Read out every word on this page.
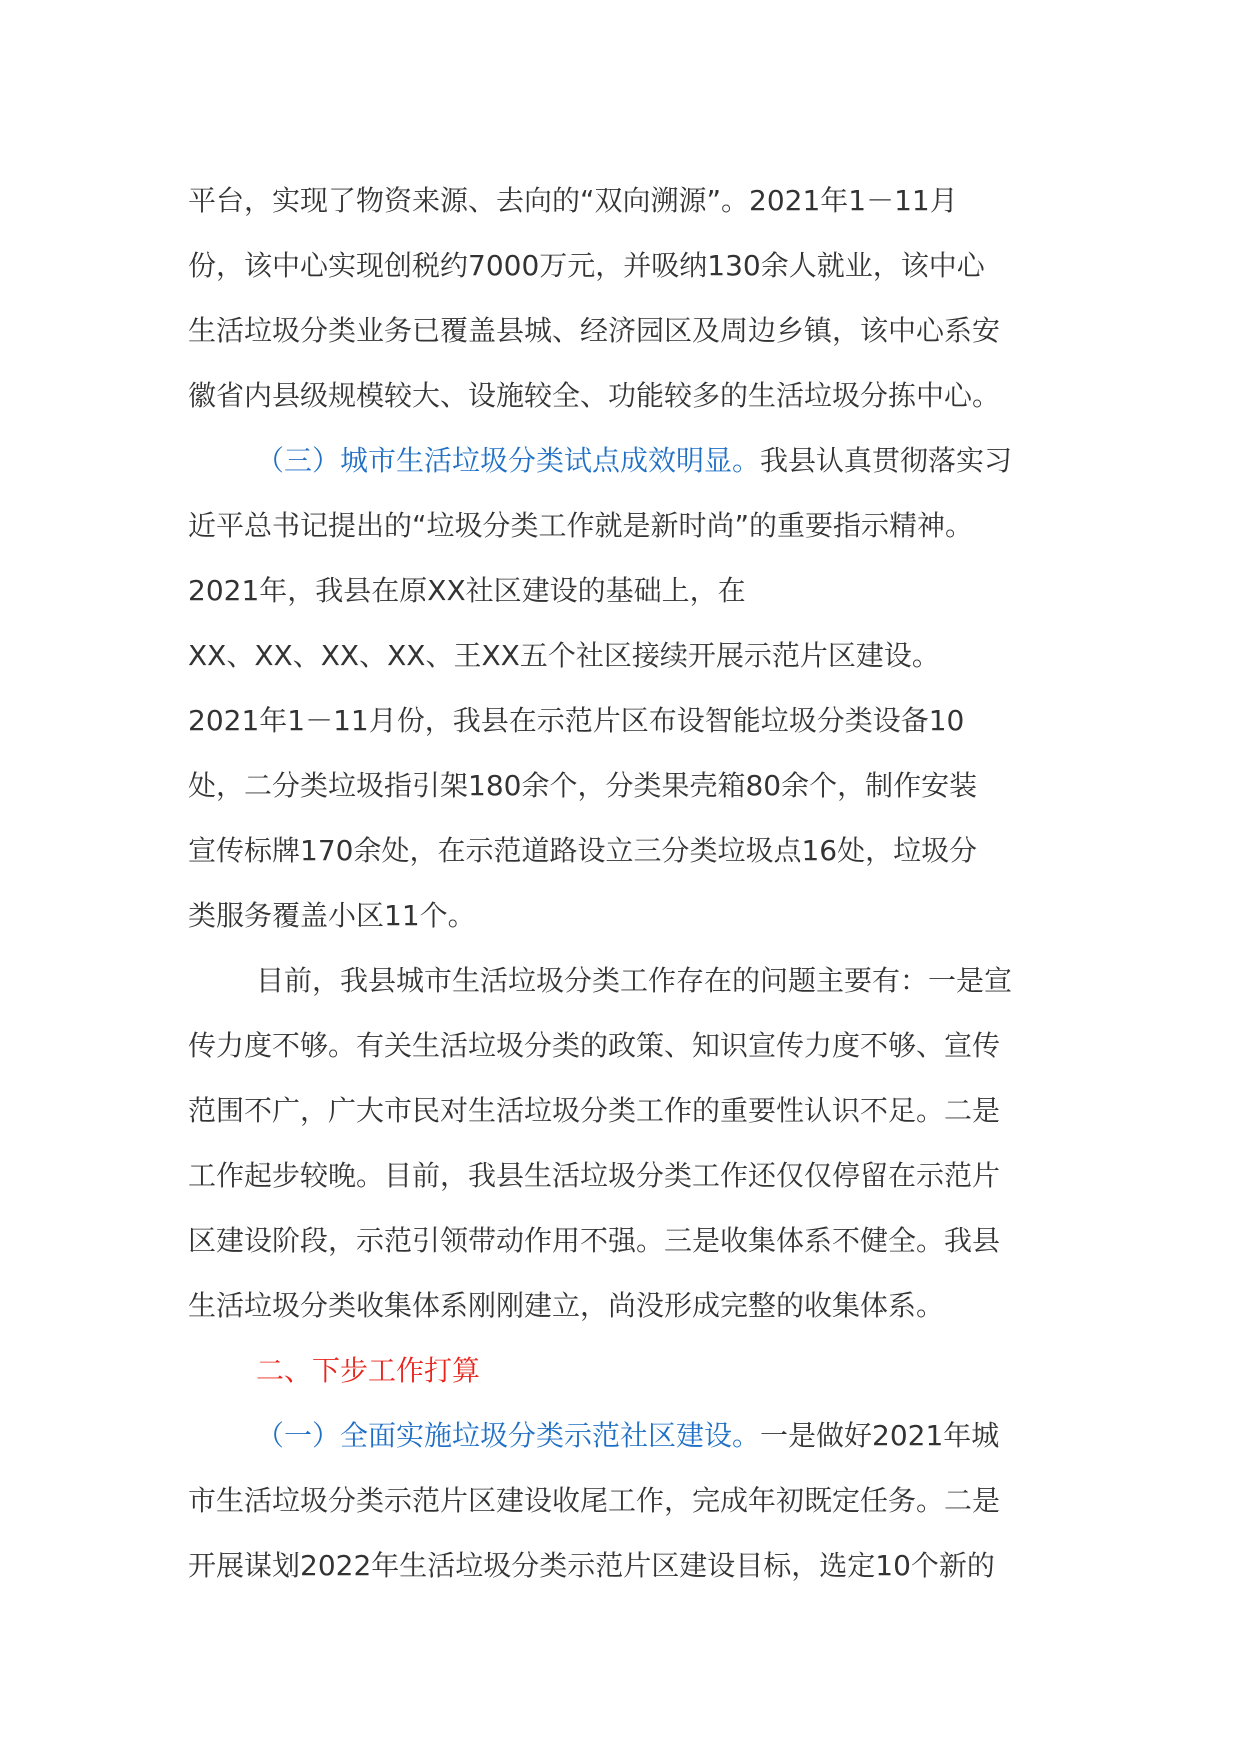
平台，实现了物资来源、去向的“双向溯源”。2021年1－11月
份，该中心实现创税约7000万元，并吸纳130余人就业，该中心
生活垃圾分类业务已覆盖县城、经济园区及周边乡镇，该中心系安
徽省内县级规模较大、设施较全、功能较多的生活垃圾分拣中心。
（三）城市生活垃圾分类试点成效明显。我县认真贯彻落实习
近平总书记提出的“垃圾分类工作就是新时尚”的重要指示精神。
2021年，我县在原XX社区建设的基础上，在
XX、XX、XX、XX、王XX五个社区接续开展示范片区建设。
2021年1－11月份，我县在示范片区布设智能垃圾分类设备10
处，二分类垃圾指引架180余个，分类果壳箱80余个，制作安装
宣传标牌170余处，在示范道路设立三分类垃圾点16处，垃圾分
类服务覆盖小区11个。
目前，我县城市生活垃圾分类工作存在的问题主要有：一是宣
传力度不够。有关生活垃圾分类的政策、知识宣传力度不够、宣传
范围不广，广大市民对生活垃圾分类工作的重要性认识不足。二是
工作起步较晚。目前，我县生活垃圾分类工作还仅仅停留在示范片
区建设阶段，示范引领带动作用不强。三是收集体系不健全。我县
生活垃圾分类收集体系刚刚建立，尚没形成完整的收集体系。
二、下步工作打算
（一）全面实施垃圾分类示范社区建设。一是做好2021年城
市生活垃圾分类示范片区建设收尾工作，完成年初既定任务。二是
开展谋划2022年生活垃圾分类示范片区建设目标，选定10个新的
